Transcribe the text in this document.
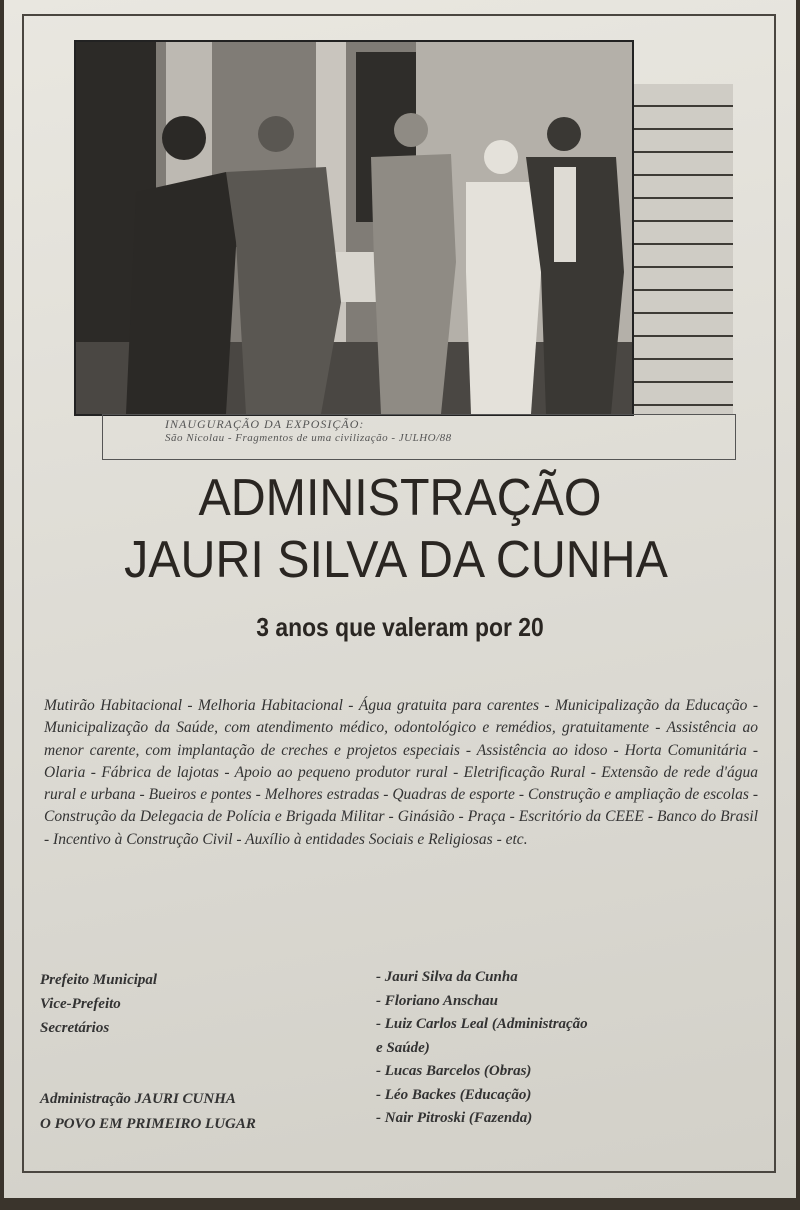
INAUGURAÇÃO DA EXPOSIÇÃO:
São Nicolau - Fragmentos de uma civilização - JULHO/88
ADMINISTRAÇÃO
JAURI SILVA DA CUNHA
3 anos que valeram por 20
Mutirão Habitacional - Melhoria Habitacional - Água gratuita para carentes - Municipalização da Educação - Municipalização da Saúde, com atendimento médico, odontológico e remédios, gratuitamente - Assistência ao menor carente, com implantação de creches e projetos especiais - Assistência ao idoso - Horta Comunitária - Olaria - Fábrica de lajotas - Apoio ao pequeno produtor rural - Eletrificação Rural - Extensão de rede d'água rural e urbana - Bueiros e pontes - Melhores estradas - Quadras de esporte - Construção e ampliação de escolas - Construção da Delegacia de Polícia e Brigada Militar - Ginásião - Praça - Escritório da CEEE - Banco do Brasil - Incentivo à Construção Civil - Auxílio à entidades Sociais e Religiosas - etc.
Prefeito Municipal
Vice-Prefeito
Secretários
- Jauri Silva da Cunha
- Floriano Anschau
- Luiz Carlos Leal (Administração
e Saúde)
- Lucas Barcelos (Obras)
- Léo Backes (Educação)
- Nair Pitroski (Fazenda)
Administração JAURI CUNHA
O POVO EM PRIMEIRO LUGAR
